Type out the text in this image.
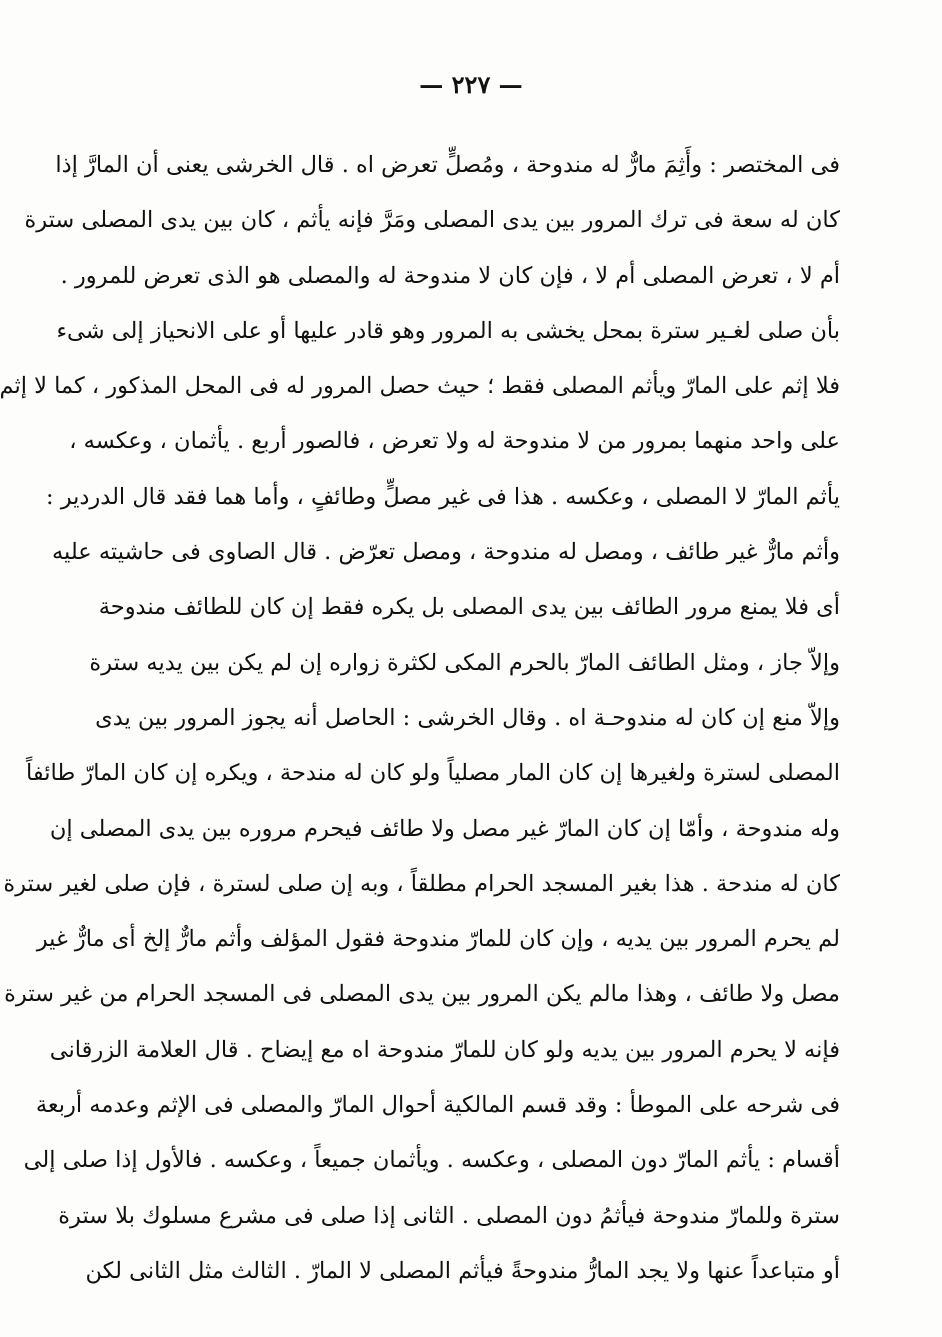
— ٢٢٧ —
فى المختصر : وأَثِمَ مارٌّ له مندوحة ، ومُصلٍّ تعرض اه . قال الخرشى يعنى أن المارَّ إذا
كان له سعة فى ترك المرور بين يدى المصلى ومَرَّ فإنه يأثم ، كان بين يدى المصلى سترة
أم لا ، تعرض المصلى أم لا ، فإن كان لا مندوحة له والمصلى هو الذى تعرض للمرور .
بأن صلى لغـير سترة بمحل يخشى به المرور وهو قادر عليها أو على الانحياز إلى شىء
فلا إثم على المارّ ويأثم المصلى فقط ؛ حيث حصل المرور له فى المحل المذكور ، كما لا إثم
على واحد منهما بمرور من لا مندوحة له ولا تعرض ، فالصور أربع . يأثمان ، وعكسه ،
يأثم المارّ لا المصلى ، وعكسه . هذا فى غير مصلٍّ وطائفٍ ، وأما هما فقد قال الدردير :
وأثم مارٌّ غير طائف ، ومصل له مندوحة ، ومصل تعرّض . قال الصاوى فى حاشيته عليه
أى فلا يمنع مرور الطائف بين يدى المصلى بل يكره فقط إن كان للطائف مندوحة
وإلاّ جاز ، ومثل الطائف المارّ بالحرم المكى لكثرة زواره إن لم يكن بين يديه سترة
وإلاّ منع إن كان له مندوحـة اه . وقال الخرشى : الحاصل أنه يجوز المرور بين يدى
المصلى لسترة ولغيرها إن كان المار مصلياً ولو كان له مندحة ، ويكره إن كان المارّ طائفاً
وله مندوحة ، وأمّا إن كان المارّ غير مصل ولا طائف فيحرم مروره بين يدى المصلى إن
كان له مندحة . هذا بغير المسجد الحرام مطلقاً ، وبه إن صلى لسترة ، فإن صلى لغير سترة
لم يحرم المرور بين يديه ، وإن كان للمارّ مندوحة فقول المؤلف وأثم مارٌّ إلخ أى مارٌّ غير
مصل ولا طائف ، وهذا مالم يكن المرور بين يدى المصلى فى المسجد الحرام من غير سترة
فإنه لا يحرم المرور بين يديه ولو كان للمارّ مندوحة اه مع إيضاح . قال العلامة الزرقانى
فى شرحه على الموطأ : وقد قسم المالكية أحوال المارّ والمصلى فى الإثم وعدمه أربعة
أقسام : يأثم المارّ دون المصلى ، وعكسه . ويأثمان جميعاً ، وعكسه . فالأول إذا صلى إلى
سترة وللمارّ مندوحة فيأثمُ دون المصلى . الثانى إذا صلى فى مشرع مسلوك بلا سترة
أو متباعداً عنها ولا يجد المارُّ مندوحةً فيأثم المصلى لا المارّ . الثالث مثل الثانى لكن
